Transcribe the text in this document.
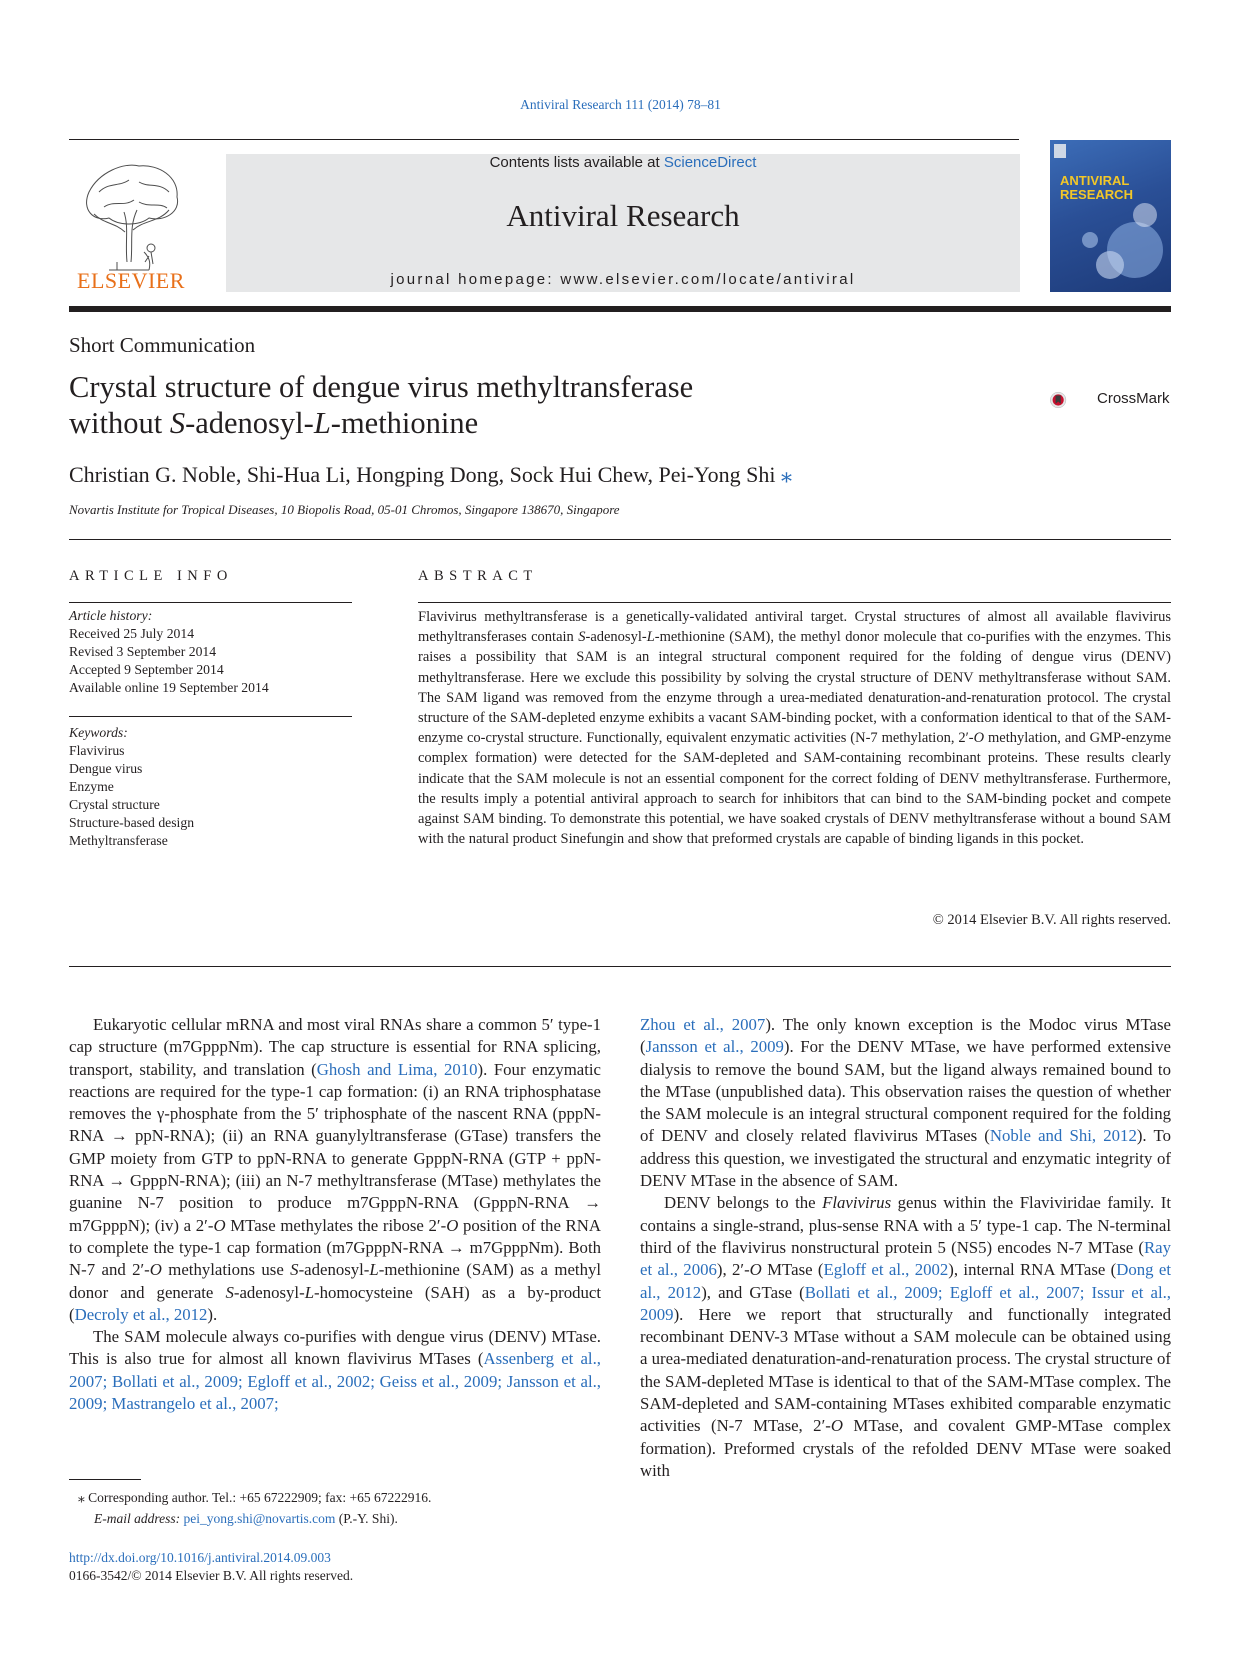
Antiviral Research 111 (2014) 78–81
ELSEVIER
Contents lists available at ScienceDirect
Antiviral Research
journal homepage: www.elsevier.com/locate/antiviral
ANTIVIRAL RESEARCH
Short Communication
Crystal structure of dengue virus methyltransferase
without S-adenosyl-L-methionine
CrossMark
Christian G. Noble, Shi-Hua Li, Hongping Dong, Sock Hui Chew, Pei-Yong Shi ⁎
Novartis Institute for Tropical Diseases, 10 Biopolis Road, 05-01 Chromos, Singapore 138670, Singapore
ARTICLE INFO
Article history:
Received 25 July 2014
Revised 3 September 2014
Accepted 9 September 2014
Available online 19 September 2014
Keywords:
Flavivirus
Dengue virus
Enzyme
Crystal structure
Structure-based design
Methyltransferase
ABSTRACT
Flavivirus methyltransferase is a genetically-validated antiviral target. Crystal structures of almost all available flavivirus methyltransferases contain S-adenosyl-L-methionine (SAM), the methyl donor molecule that co-purifies with the enzymes. This raises a possibility that SAM is an integral structural component required for the folding of dengue virus (DENV) methyltransferase. Here we exclude this possibility by solving the crystal structure of DENV methyltransferase without SAM. The SAM ligand was removed from the enzyme through a urea-mediated denaturation-and-renaturation protocol. The crystal structure of the SAM-depleted enzyme exhibits a vacant SAM-binding pocket, with a conformation identical to that of the SAM-enzyme co-crystal structure. Functionally, equivalent enzymatic activities (N-7 methylation, 2′-O methylation, and GMP-enzyme complex formation) were detected for the SAM-depleted and SAM-containing recombinant proteins. These results clearly indicate that the SAM molecule is not an essential component for the correct folding of DENV methyltransferase. Furthermore, the results imply a potential antiviral approach to search for inhibitors that can bind to the SAM-binding pocket and compete against SAM binding. To demonstrate this potential, we have soaked crystals of DENV methyltransferase without a bound SAM with the natural product Sinefungin and show that preformed crystals are capable of binding ligands in this pocket.
© 2014 Elsevier B.V. All rights reserved.

Eukaryotic cellular mRNA and most viral RNAs share a common 5′ type-1 cap structure (m7GpppNm). The cap structure is essential for RNA splicing, transport, stability, and translation (Ghosh and Lima, 2010). Four enzymatic reactions are required for the type-1 cap formation: (i) an RNA triphosphatase removes the γ-phosphate from the 5′ triphosphate of the nascent RNA (pppN-RNA → ppN-RNA); (ii) an RNA guanylyltransferase (GTase) transfers the GMP moiety from GTP to ppN-RNA to generate GpppN-RNA (GTP + ppN-RNA → GpppN-RNA); (iii) an N-7 methyltransferase (MTase) methylates the guanine N-7 position to produce m7GpppN-RNA (GpppN-RNA → m7GpppN); (iv) a 2′-O MTase methylates the ribose 2′-O position of the RNA to complete the type-1 cap formation (m7GpppN-RNA → m7GpppNm). Both N-7 and 2′-O methylations use S-adenosyl-L-methionine (SAM) as a methyl donor and generate S-adenosyl-L-homocysteine (SAH) as a by-product (Decroly et al., 2012).

The SAM molecule always co-purifies with dengue virus (DENV) MTase. This is also true for almost all known flavivirus MTases (Assenberg et al., 2007; Bollati et al., 2009; Egloff et al., 2002; Geiss et al., 2009; Jansson et al., 2009; Mastrangelo et al., 2007;

Zhou et al., 2007). The only known exception is the Modoc virus MTase (Jansson et al., 2009). For the DENV MTase, we have performed extensive dialysis to remove the bound SAM, but the ligand always remained bound to the MTase (unpublished data). This observation raises the question of whether the SAM molecule is an integral structural component required for the folding of DENV and closely related flavivirus MTases (Noble and Shi, 2012). To address this question, we investigated the structural and enzymatic integrity of DENV MTase in the absence of SAM.

DENV belongs to the Flavivirus genus within the Flaviviridae family. It contains a single-strand, plus-sense RNA with a 5′ type-1 cap. The N-terminal third of the flavivirus nonstructural protein 5 (NS5) encodes N-7 MTase (Ray et al., 2006), 2′-O MTase (Egloff et al., 2002), internal RNA MTase (Dong et al., 2012), and GTase (Bollati et al., 2009; Egloff et al., 2007; Issur et al., 2009). Here we report that structurally and functionally integrated recombinant DENV-3 MTase without a SAM molecule can be obtained using a urea-mediated denaturation-and-renaturation process. The crystal structure of the SAM-depleted MTase is identical to that of the SAM-MTase complex. The SAM-depleted and SAM-containing MTases exhibited comparable enzymatic activities (N-7 MTase, 2′-O MTase, and covalent GMP-MTase complex formation). Preformed crystals of the refolded DENV MTase were soaked with

⁎ Corresponding author. Tel.: +65 67222909; fax: +65 67222916.
E-mail address: pei_yong.shi@novartis.com (P.-Y. Shi).
http://dx.doi.org/10.1016/j.antiviral.2014.09.003
0166-3542/© 2014 Elsevier B.V. All rights reserved.
